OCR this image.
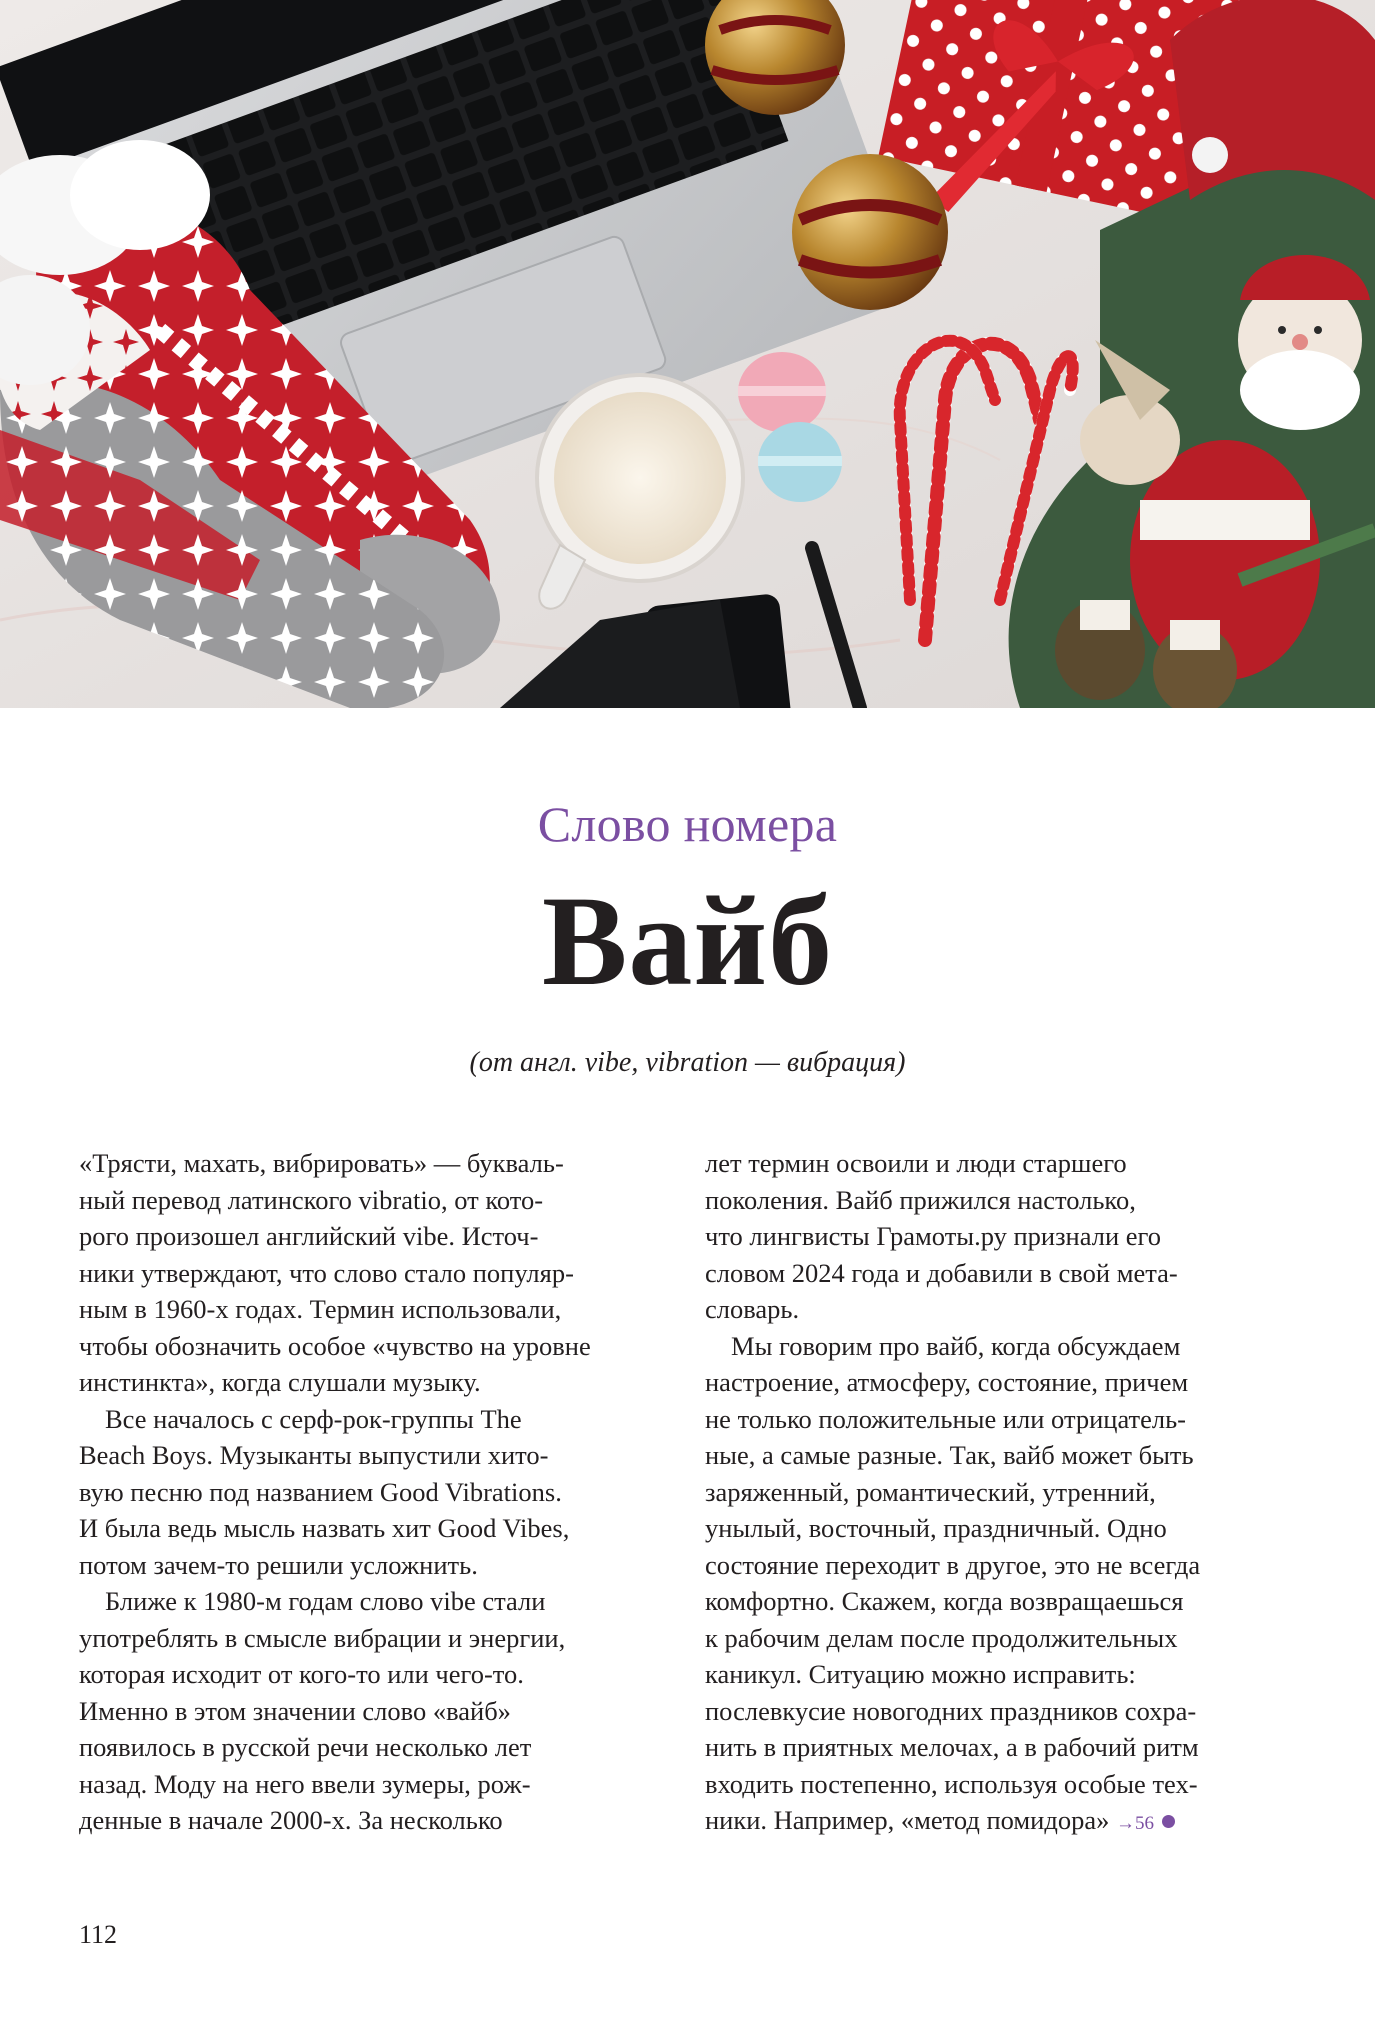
Слово номера
Вайб
(от англ. vibe, vibration — вибрация)
«Трясти, махать, вибрировать» — букваль-
ный перевод латинского vibratio, от кото-
рого произошел английский vibe. Источ-
ники утверждают, что слово стало популяр-
ным в 1960-х годах. Термин использовали,
чтобы обозначить особое «чувство на уровне
инстинкта», когда слушали музыку.
Все началось с серф-рок-группы The
Beach Boys. Музыканты выпустили хито-
вую песню под названием Good Vibrations.
И была ведь мысль назвать хит Good Vibes,
потом зачем-то решили усложнить.
Ближе к 1980-м годам слово vibe стали
употреблять в смысле вибрации и энергии,
которая исходит от кого-то или чего-то.
Именно в этом значении слово «вайб»
появилось в русской речи несколько лет
назад. Моду на него ввели зумеры, рож-
денные в начале 2000-х. За несколько
лет термин освоили и люди старшего
поколения. Вайб прижился настолько,
что лингвисты Грамоты.ру признали его
словом 2024 года и добавили в свой мета-
словарь.
Мы говорим про вайб, когда обсуждаем
настроение, атмосферу, состояние, причем
не только положительные или отрицатель-
ные, а самые разные. Так, вайб может быть
заряженный, романтический, утренний,
унылый, восточный, праздничный. Одно
состояние переходит в другое, это не всегда
комфортно. Скажем, когда возвращаешься
к рабочим делам после продолжительных
каникул. Ситуацию можно исправить:
послевкусие новогодних праздников сохра-
нить в приятных мелочах, а в рабочий ритм
входить постепенно, используя особые тех-
ники. Например, «метод помидора» →56
112
